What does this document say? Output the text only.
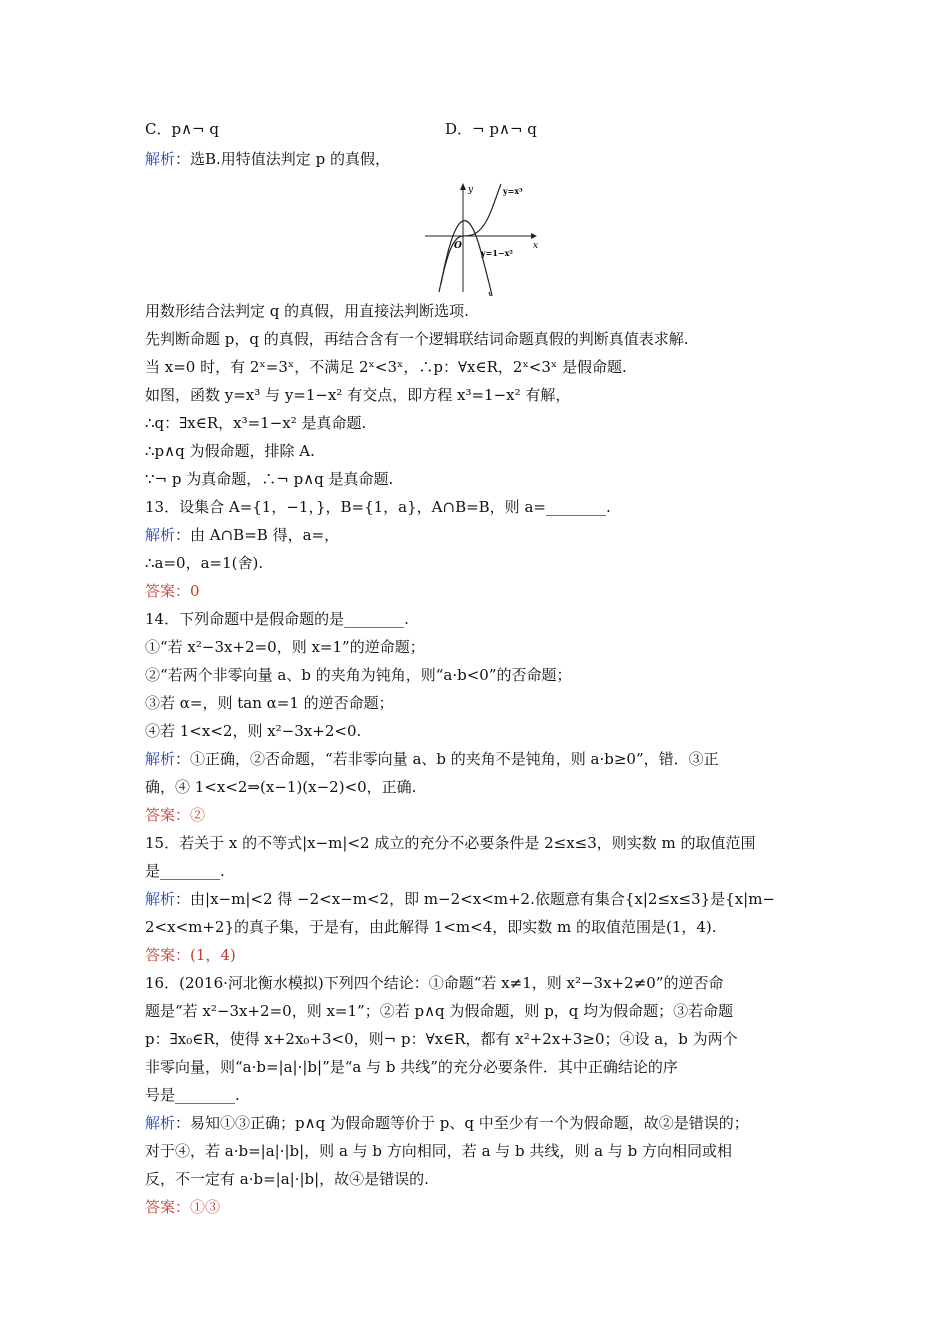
C．p∧¬ q	D．¬ p∧¬ q
解析：选B.用特值法判定 p 的真假，
y
x
O
y=x³
y=1−x²
用数形结合法判定 q 的真假，用直接法判断选项.
先判断命题 p，q 的真假，再结合含有一个逻辑联结词命题真假的判断真值表求解.
当 x=0 时，有 2ˣ=3ˣ，不满足 2ˣ<3ˣ，∴p：∀x∈R，2ˣ<3ˣ 是假命题.
如图，函数 y=x³ 与 y=1−x² 有交点，即方程 x³=1−x² 有解，
∴q：∃x∈R，x³=1−x² 是真命题.
∴p∧q 为假命题，排除 A.
∵¬ p 为真命题，∴¬ p∧q 是真命题.
13．设集合 A={1，−1，}，B={1，a}，A∩B=B，则 a=________.
解析：由 A∩B=B 得，a=，
∴a=0，a=1(舍).
答案：0
14．下列命题中是假命题的是________.
①“若 x²−3x+2=0，则 x=1”的逆命题；
②“若两个非零向量 a、b 的夹角为钝角，则“a·b<0”的否命题；
③若 α=，则 tan α=1 的逆否命题；
④若 1<x<2，则 x²−3x+2<0.
解析：①正确，②否命题，“若非零向量 a、b 的夹角不是钝角，则 a·b≥0”，错．③正
确，④ 1<x<2⇒(x−1)(x−2)<0，正确.
答案：②
15．若关于 x 的不等式|x−m|<2 成立的充分不必要条件是 2≤x≤3，则实数 m 的取值范围
是________.
解析：由|x−m|<2 得 −2<x−m<2，即 m−2<x<m+2.依题意有集合{x|2≤x≤3}是{x|m−
2<x<m+2}的真子集，于是有，由此解得 1<m<4，即实数 m 的取值范围是(1，4).
答案：(1，4)
16．(2016·河北衡水模拟)下列四个结论：①命题“若 x≠1，则 x²−3x+2≠0”的逆否命
题是“若 x²−3x+2=0，则 x=1”；②若 p∧q 为假命题，则 p，q 均为假命题；③若命题
p：∃x₀∈R，使得 x+2x₀+3<0，则¬ p：∀x∈R，都有 x²+2x+3≥0；④设 a，b 为两个
非零向量，则“a·b=|a|·|b|”是“a 与 b 共线”的充分必要条件．其中正确结论的序
号是________.
解析：易知①③正确；p∧q 为假命题等价于 p、q 中至少有一个为假命题，故②是错误的；
对于④，若 a·b=|a|·|b|，则 a 与 b 方向相同，若 a 与 b 共线，则 a 与 b 方向相同或相
反，不一定有 a·b=|a|·|b|，故④是错误的.
答案：①③
